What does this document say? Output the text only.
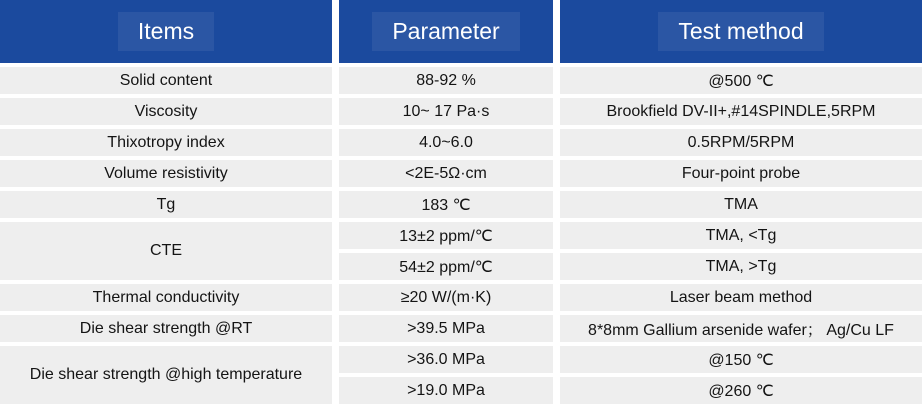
Items	Parameter	Test method
Solid content	88-92 %	@500 ℃
Viscosity	10~ 17 Pa·s	Brookfield DV-II+,#14SPINDLE,5RPM
Thixotropy index	4.0~6.0	0.5RPM/5RPM
Volume resistivity	<2E-5Ω·cm	Four-point probe
Tg	183 ℃	TMA
CTE	13±2 ppm/℃	TMA, <Tg
	54±2 ppm/℃	TMA, >Tg
Thermal conductivity	≥20 W/(m·K)	Laser beam method
Die shear strength @RT	>39.5 MPa	8*8mm Gallium arsenide wafer； Ag/Cu LF
Die shear strength @high temperature	>36.0 MPa	@150 ℃
	>19.0 MPa	@260 ℃
